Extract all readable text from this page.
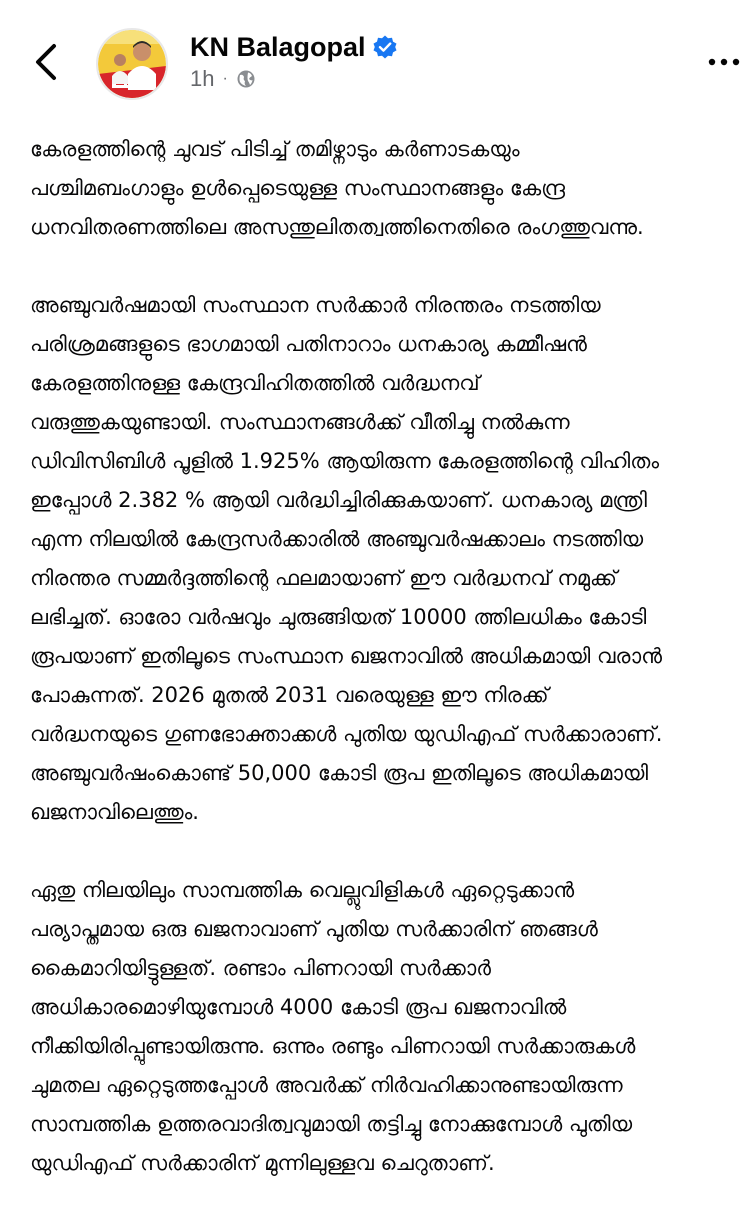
KN Balagopal
1h ·
കേരളത്തിന്റെ ചുവട് പിടിച്ച് തമിഴ്നാടും കർണാടകയും
പശ്ചിമബംഗാളും ഉൾപ്പെടെയുള്ള സംസ്ഥാനങ്ങളും കേന്ദ്ര
ധനവിതരണത്തിലെ അസന്തുലിതത്വത്തിനെതിരെ രംഗത്തുവന്നു.
അഞ്ചുവർഷമായി സംസ്ഥാന സർക്കാർ നിരന്തരം നടത്തിയ
പരിശ്രമങ്ങളുടെ ഭാഗമായി പതിനാറാം ധനകാര്യ കമ്മീഷൻ
കേരളത്തിനുള്ള കേന്ദ്രവിഹിതത്തിൽ വർദ്ധനവ്
വരുത്തുകയുണ്ടായി. സംസ്ഥാനങ്ങൾക്ക് വീതിച്ചു നൽകുന്ന
ഡിവിസിബിൾ പൂളിൽ 1.925% ആയിരുന്ന കേരളത്തിന്റെ വിഹിതം
ഇപ്പോൾ 2.382 % ആയി വർദ്ധിച്ചിരിക്കുകയാണ്. ധനകാര്യ മന്ത്രി
എന്ന നിലയിൽ കേന്ദ്രസർക്കാരിൽ അഞ്ചുവർഷക്കാലം നടത്തിയ
നിരന്തര സമ്മർദ്ദത്തിന്റെ ഫലമായാണ് ഈ വർദ്ധനവ് നമുക്ക്
ലഭിച്ചത്. ഓരോ വർഷവും ചുരുങ്ങിയത് 10000 ത്തിലധികം കോടി
രൂപയാണ് ഇതിലൂടെ സംസ്ഥാന ഖജനാവിൽ അധികമായി വരാൻ
പോകുന്നത്. 2026 മുതൽ 2031 വരെയുള്ള ഈ നിരക്ക്
വർദ്ധനയുടെ ഗുണഭോക്താക്കൾ പുതിയ യുഡിഎഫ് സർക്കാരാണ്.
അഞ്ചുവർഷംകൊണ്ട് 50,000 കോടി രൂപ ഇതിലൂടെ അധികമായി
ഖജനാവിലെത്തും.
ഏതു നിലയിലും സാമ്പത്തിക വെല്ലുവിളികൾ ഏറ്റെടുക്കാൻ
പര്യാപ്തമായ ഒരു ഖജനാവാണ് പുതിയ സർക്കാരിന് ഞങ്ങൾ
കൈമാറിയിട്ടുള്ളത്. രണ്ടാം പിണറായി സർക്കാർ
അധികാരമൊഴിയുമ്പോൾ 4000 കോടി രൂപ ഖജനാവിൽ
നീക്കിയിരിപ്പുണ്ടായിരുന്നു. ഒന്നും രണ്ടും പിണറായി സർക്കാരുകൾ
ചുമതല ഏറ്റെടുത്തപ്പോൾ അവർക്ക് നിർവഹിക്കാനുണ്ടായിരുന്ന
സാമ്പത്തിക ഉത്തരവാദിത്വവുമായി തട്ടിച്ചു നോക്കുമ്പോൾ പുതിയ
യുഡിഎഫ് സർക്കാരിന് മുന്നിലുള്ളവ ചെറുതാണ്.
